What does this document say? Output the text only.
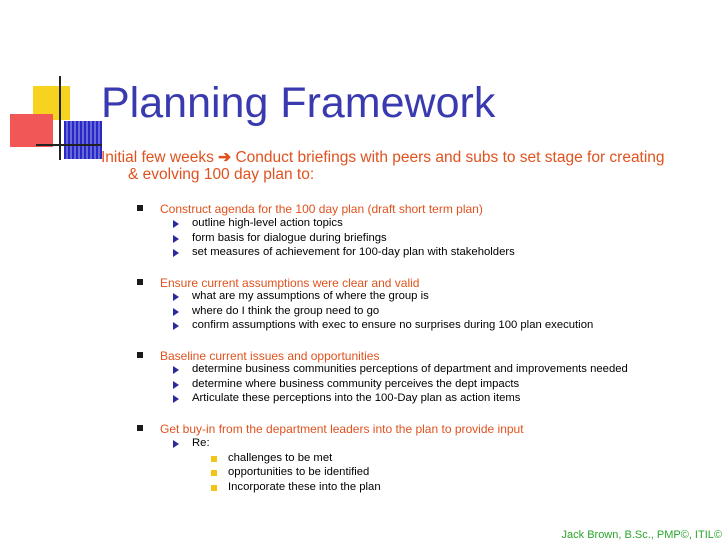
Planning Framework
Initial few weeks ➔ Conduct briefings with peers and subs to set stage for creating
& evolving 100 day plan to:
Construct agenda for the 100 day plan (draft short term plan)
outline high-level action topics
form basis for dialogue during briefings
set measures of achievement for 100-day plan with stakeholders
Ensure current assumptions were clear and valid
what are my assumptions of where the group is
where do I think the group need to go
confirm assumptions with exec to ensure no surprises during 100 plan execution
Baseline current issues and opportunities
determine business communities perceptions of department and improvements needed
determine where business community perceives the dept impacts
Articulate these perceptions into the 100-Day plan as action items
Get buy-in from the department leaders into the plan to provide input
Re:
challenges to be met
opportunities to be identified
Incorporate these into the plan
Jack Brown, B.Sc., PMP©, ITIL©
